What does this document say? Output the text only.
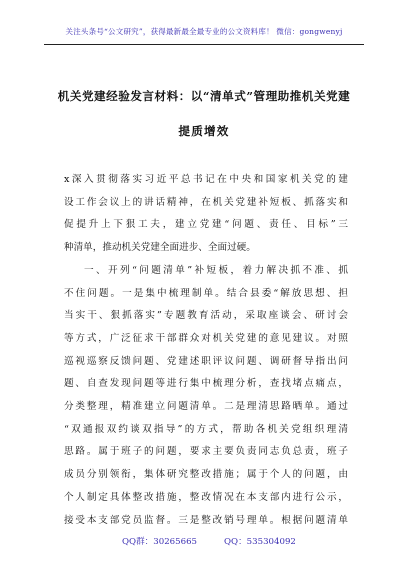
关注头条号“公文研究”，获得最新最全最专业的公文资料库！ 微信：gongwenyj
机关党建经验发言材料：以“清单式”管理助推机关党建
提质增效
x深入贯彻落实习近平总书记在中央和国家机关党的建
设工作会议上的讲话精神，在机关党建补短板、抓落实和
促提升上下狠工夫，建立党建“问题、责任、目标”三
种清单，推动机关党建全面进步、全面过硬。
一、开列“问题清单”补短板，着力解决抓不准、抓
不住问题。一是集中梳理制单。结合县委“解放思想、担
当实干、狠抓落实”专题教育活动，采取座谈会、研讨会
等方式，广泛征求干部群众对机关党建的意见建议。对照
巡视巡察反馈问题、党建述职评议问题、调研督导指出问
题、自查发现问题等进行集中梳理分析，查找堵点痛点，
分类整理，精准建立问题清单。二是理清思路晒单。通过
“双通报双约谈双指导”的方式，帮助各机关党组织理清
思路。属于班子的问题，要求主要负责同志负总责，班子
成员分别领衔，集体研究整改措施；属于个人的问题，由
个人制定具体整改措施，整改情况在本支部内进行公示，
接受本支部党员监督。三是整改销号理单。根据问题清单
QQ群：30265665	QQ：535304092
